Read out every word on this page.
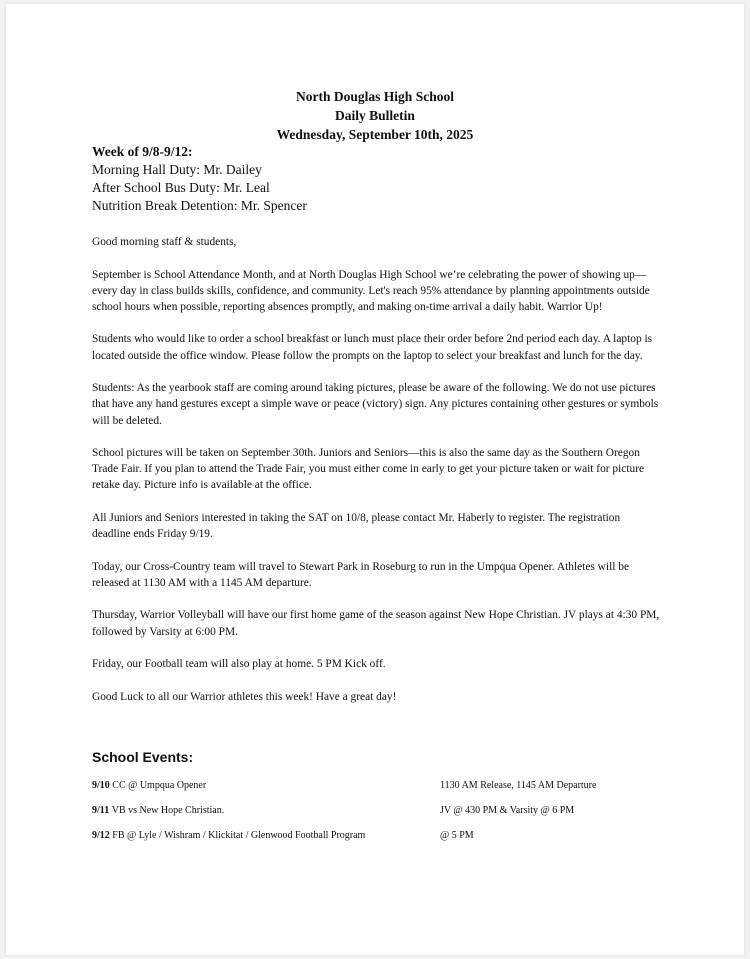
North Douglas High School
Daily Bulletin
Wednesday, September 10th, 2025
Week of 9/8-9/12:
Morning Hall Duty: Mr. Dailey
After School Bus Duty: Mr. Leal
Nutrition Break Detention: Mr. Spencer

Good morning staff & students,

September is School Attendance Month, and at North Douglas High School we’re celebrating the power of showing up—every day in class builds skills, confidence, and community. Let's reach 95% attendance by planning appointments outside school hours when possible, reporting absences promptly, and making on-time arrival a daily habit. Warrior Up!

Students who would like to order a school breakfast or lunch must place their order before 2nd period each day. A laptop is located outside the office window. Please follow the prompts on the laptop to select your breakfast and lunch for the day.

Students: As the yearbook staff are coming around taking pictures, please be aware of the following. We do not use pictures that have any hand gestures except a simple wave or peace (victory) sign. Any pictures containing other gestures or symbols will be deleted.

School pictures will be taken on September 30th. Juniors and Seniors—this is also the same day as the Southern Oregon Trade Fair. If you plan to attend the Trade Fair, you must either come in early to get your picture taken or wait for picture retake day. Picture info is available at the office.

All Juniors and Seniors interested in taking the SAT on 10/8, please contact Mr. Haberly to register. The registration deadline ends Friday 9/19.

Today, our Cross-Country team will travel to Stewart Park in Roseburg to run in the Umpqua Opener. Athletes will be released at 1130 AM with a 1145 AM departure.

Thursday, Warrior Volleyball will have our first home game of the season against New Hope Christian. JV plays at 4:30 PM, followed by Varsity at 6:00 PM.

Friday, our Football team will also play at home. 5 PM Kick off.

Good Luck to all our Warrior athletes this week! Have a great day!

School Events:
9/10 CC @ Umpqua Opener	1130 AM Release, 1145 AM Departure
9/11 VB vs New Hope Christian.	JV @ 430 PM & Varsity @ 6 PM
9/12 FB @ Lyle / Wishram / Klickitat / Glenwood Football Program	@ 5 PM
